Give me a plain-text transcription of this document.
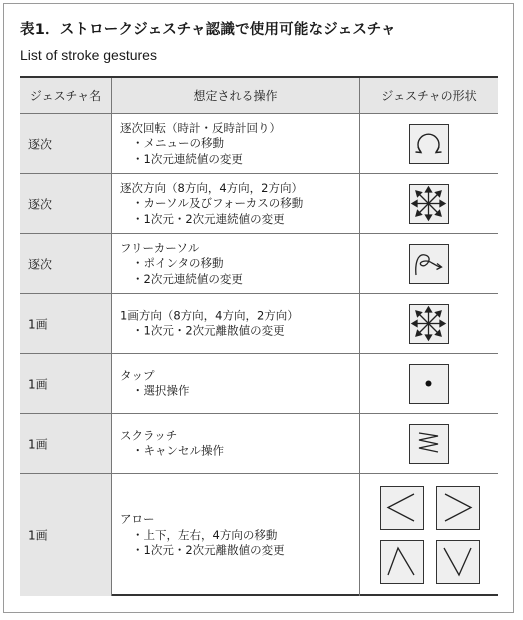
表1．ストロークジェスチャ認識で使用可能なジェスチャ
List of stroke gestures
ジェスチャ名	想定される操作	ジェスチャの形状
逐次
逐次回転（時計・反時計回り）
・メニューの移動
・1次元連続値の変更
逐次
逐次方向（8方向，4方向，2方向）
・カーソル及びフォーカスの移動
・1次元・2次元連続値の変更
逐次
フリーカーソル
・ポインタの移動
・2次元連続値の変更
1画
1画方向（8方向，4方向，2方向）
・1次元・2次元離散値の変更
1画
タップ
・選択操作
1画
スクラッチ
・キャンセル操作
1画
アロー
・上下，左右，4方向の移動
・1次元・2次元離散値の変更
